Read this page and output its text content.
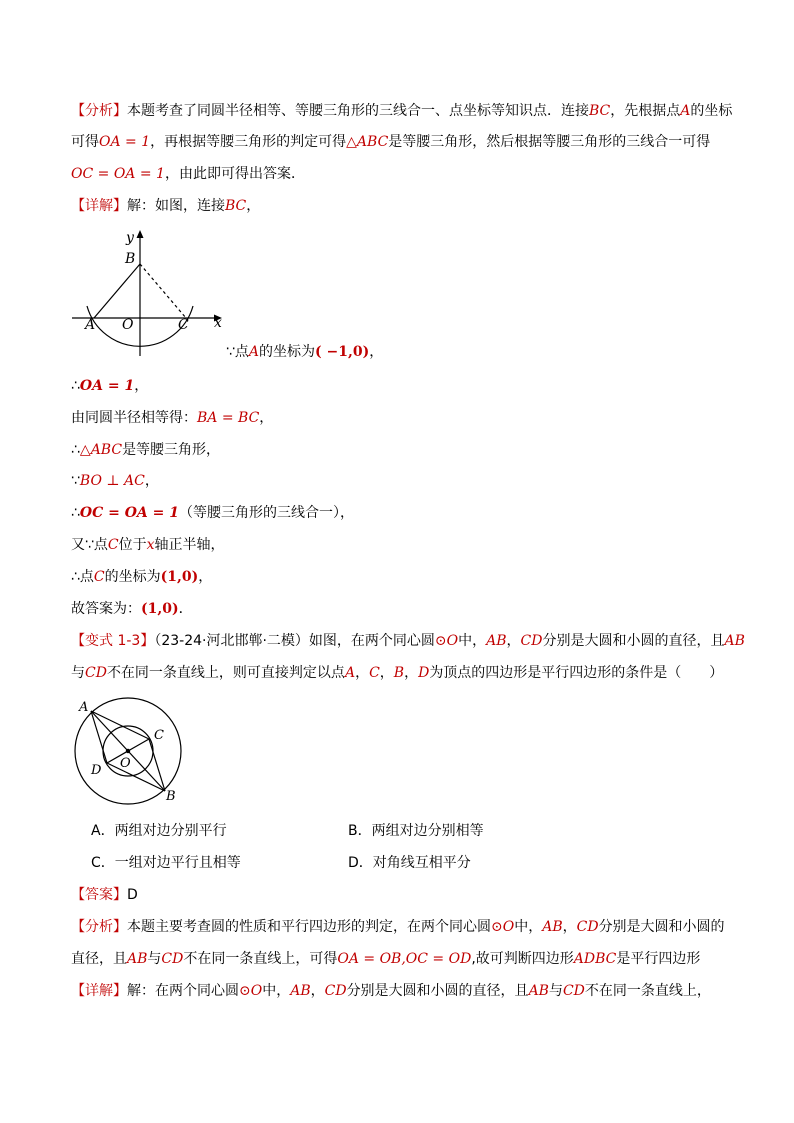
【分析】本题考查了同圆半径相等、等腰三角形的三线合一、点坐标等知识点．连接BC，先根据点A的坐标
可得OA = 1，再根据等腰三角形的判定可得△ABC是等腰三角形，然后根据等腰三角形的三线合一可得
OC = OA = 1，由此即可得出答案．
【详解】解：如图，连接BC，
y
B
A O	C x
∵点A的坐标为( −1,0)，
∴OA = 1，
由同圆半径相等得：BA = BC，
∴△ABC是等腰三角形，
∵BO ⊥ AC，
∴OC = OA = 1（等腰三角形的三线合一），
又∵点C位于x轴正半轴，
∴点C的坐标为(1,0)，
故答案为：(1,0)．
【变式 1-3】（23-24·河北邯郸·二模）如图，在两个同心圆⊙O中，AB，CD分别是大圆和小圆的直径，且AB
与CD不在同一条直线上，则可直接判定以点A，C，B，D为顶点的四边形是平行四边形的条件是（　　）
A
C
O
D
B
A．两组对边分别平行	B．两组对边分别相等
C．一组对边平行且相等	D．对角线互相平分
【答案】D
【分析】本题主要考查圆的性质和平行四边形的判定，在两个同心圆⊙O中，AB，CD分别是大圆和小圆的
直径，且AB与CD不在同一条直线上，可得OA = OB,OC = OD,故可判断四边形ADBC是平行四边形
【详解】解：在两个同心圆⊙O中，AB，CD分别是大圆和小圆的直径，且AB与CD不在同一条直线上，
